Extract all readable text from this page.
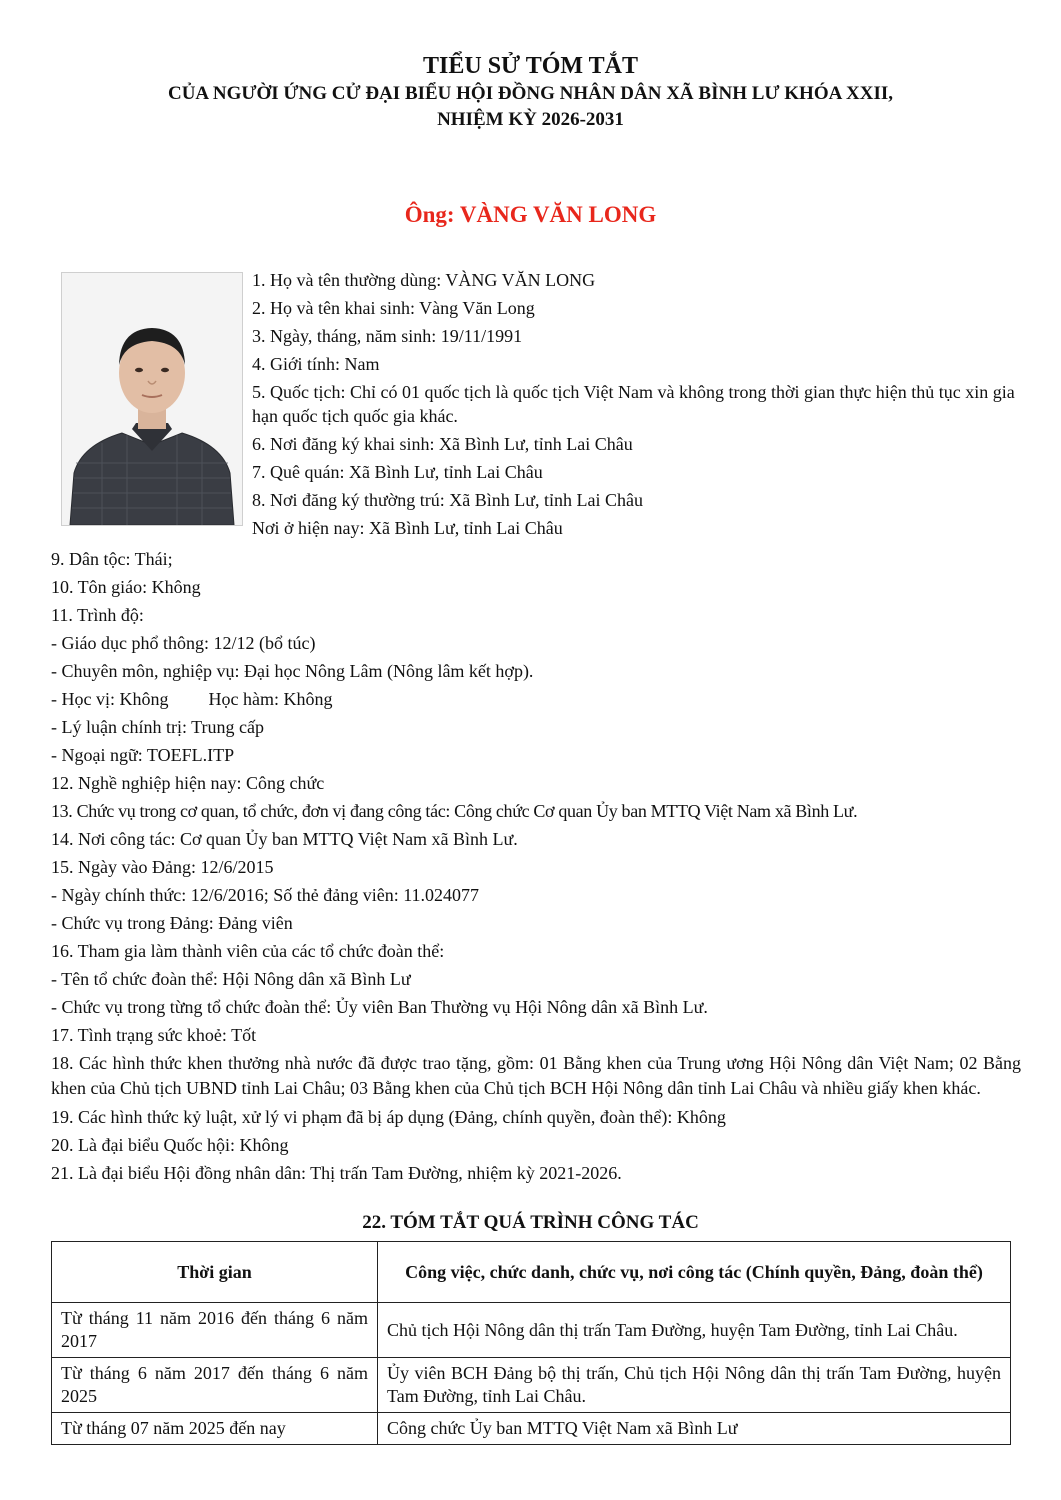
TIỂU SỬ TÓM TẮT
CỦA NGƯỜI ỨNG CỬ ĐẠI BIỂU HỘI ĐỒNG NHÂN DÂN XÃ BÌNH LƯ KHÓA XXII,
NHIỆM KỲ 2026-2031
Ông: VÀNG VĂN LONG
1. Họ và tên thường dùng: VÀNG VĂN LONG
2. Họ và tên khai sinh: Vàng Văn Long
3. Ngày, tháng, năm sinh: 19/11/1991
4. Giới tính: Nam
5. Quốc tịch: Chỉ có 01 quốc tịch là quốc tịch Việt Nam và không trong thời gian thực hiện thủ tục xin gia hạn quốc tịch quốc gia khác.
6. Nơi đăng ký khai sinh: Xã Bình Lư, tỉnh Lai Châu
7. Quê quán: Xã Bình Lư, tỉnh Lai Châu
8. Nơi đăng ký thường trú: Xã Bình Lư, tỉnh Lai Châu
Nơi ở hiện nay: Xã Bình Lư, tỉnh Lai Châu
9. Dân tộc: Thái;
10. Tôn giáo: Không
11. Trình độ:
- Giáo dục phổ thông: 12/12 (bổ túc)
- Chuyên môn, nghiệp vụ: Đại học Nông Lâm (Nông lâm kết hợp).
- Học vị: Không Học hàm: Không
- Lý luận chính trị: Trung cấp
- Ngoại ngữ: TOEFL.ITP
12. Nghề nghiệp hiện nay: Công chức
13. Chức vụ trong cơ quan, tổ chức, đơn vị đang công tác: Công chức Cơ quan Ủy ban MTTQ Việt Nam xã Bình Lư.
14. Nơi công tác: Cơ quan Ủy ban MTTQ Việt Nam xã Bình Lư.
15. Ngày vào Đảng: 12/6/2015
- Ngày chính thức: 12/6/2016; Số thẻ đảng viên: 11.024077
- Chức vụ trong Đảng: Đảng viên
16. Tham gia làm thành viên của các tổ chức đoàn thể:
- Tên tổ chức đoàn thể: Hội Nông dân xã Bình Lư
- Chức vụ trong từng tổ chức đoàn thể: Ủy viên Ban Thường vụ Hội Nông dân xã Bình Lư.
17. Tình trạng sức khoẻ: Tốt
18. Các hình thức khen thưởng nhà nước đã được trao tặng, gồm: 01 Bằng khen của Trung ương Hội Nông dân Việt Nam; 02 Bằng khen của Chủ tịch UBND tỉnh Lai Châu; 03 Bằng khen của Chủ tịch BCH Hội Nông dân tỉnh Lai Châu và nhiều giấy khen khác.
19. Các hình thức kỷ luật, xử lý vi phạm đã bị áp dụng (Đảng, chính quyền, đoàn thể): Không
20. Là đại biểu Quốc hội: Không
21. Là đại biểu Hội đồng nhân dân: Thị trấn Tam Đường, nhiệm kỳ 2021-2026.
22. TÓM TẮT QUÁ TRÌNH CÔNG TÁC
Thời gian	Công việc, chức danh, chức vụ, nơi công tác (Chính quyền, Đảng, đoàn thể)
Từ tháng 11 năm 2016 đến tháng 6 năm 2017	Chủ tịch Hội Nông dân thị trấn Tam Đường, huyện Tam Đường, tỉnh Lai Châu.
Từ tháng 6 năm 2017 đến tháng 6 năm 2025	Ủy viên BCH Đảng bộ thị trấn, Chủ tịch Hội Nông dân thị trấn Tam Đường, huyện Tam Đường, tỉnh Lai Châu.
Từ tháng 07 năm 2025 đến nay	Công chức Ủy ban MTTQ Việt Nam xã Bình Lư
